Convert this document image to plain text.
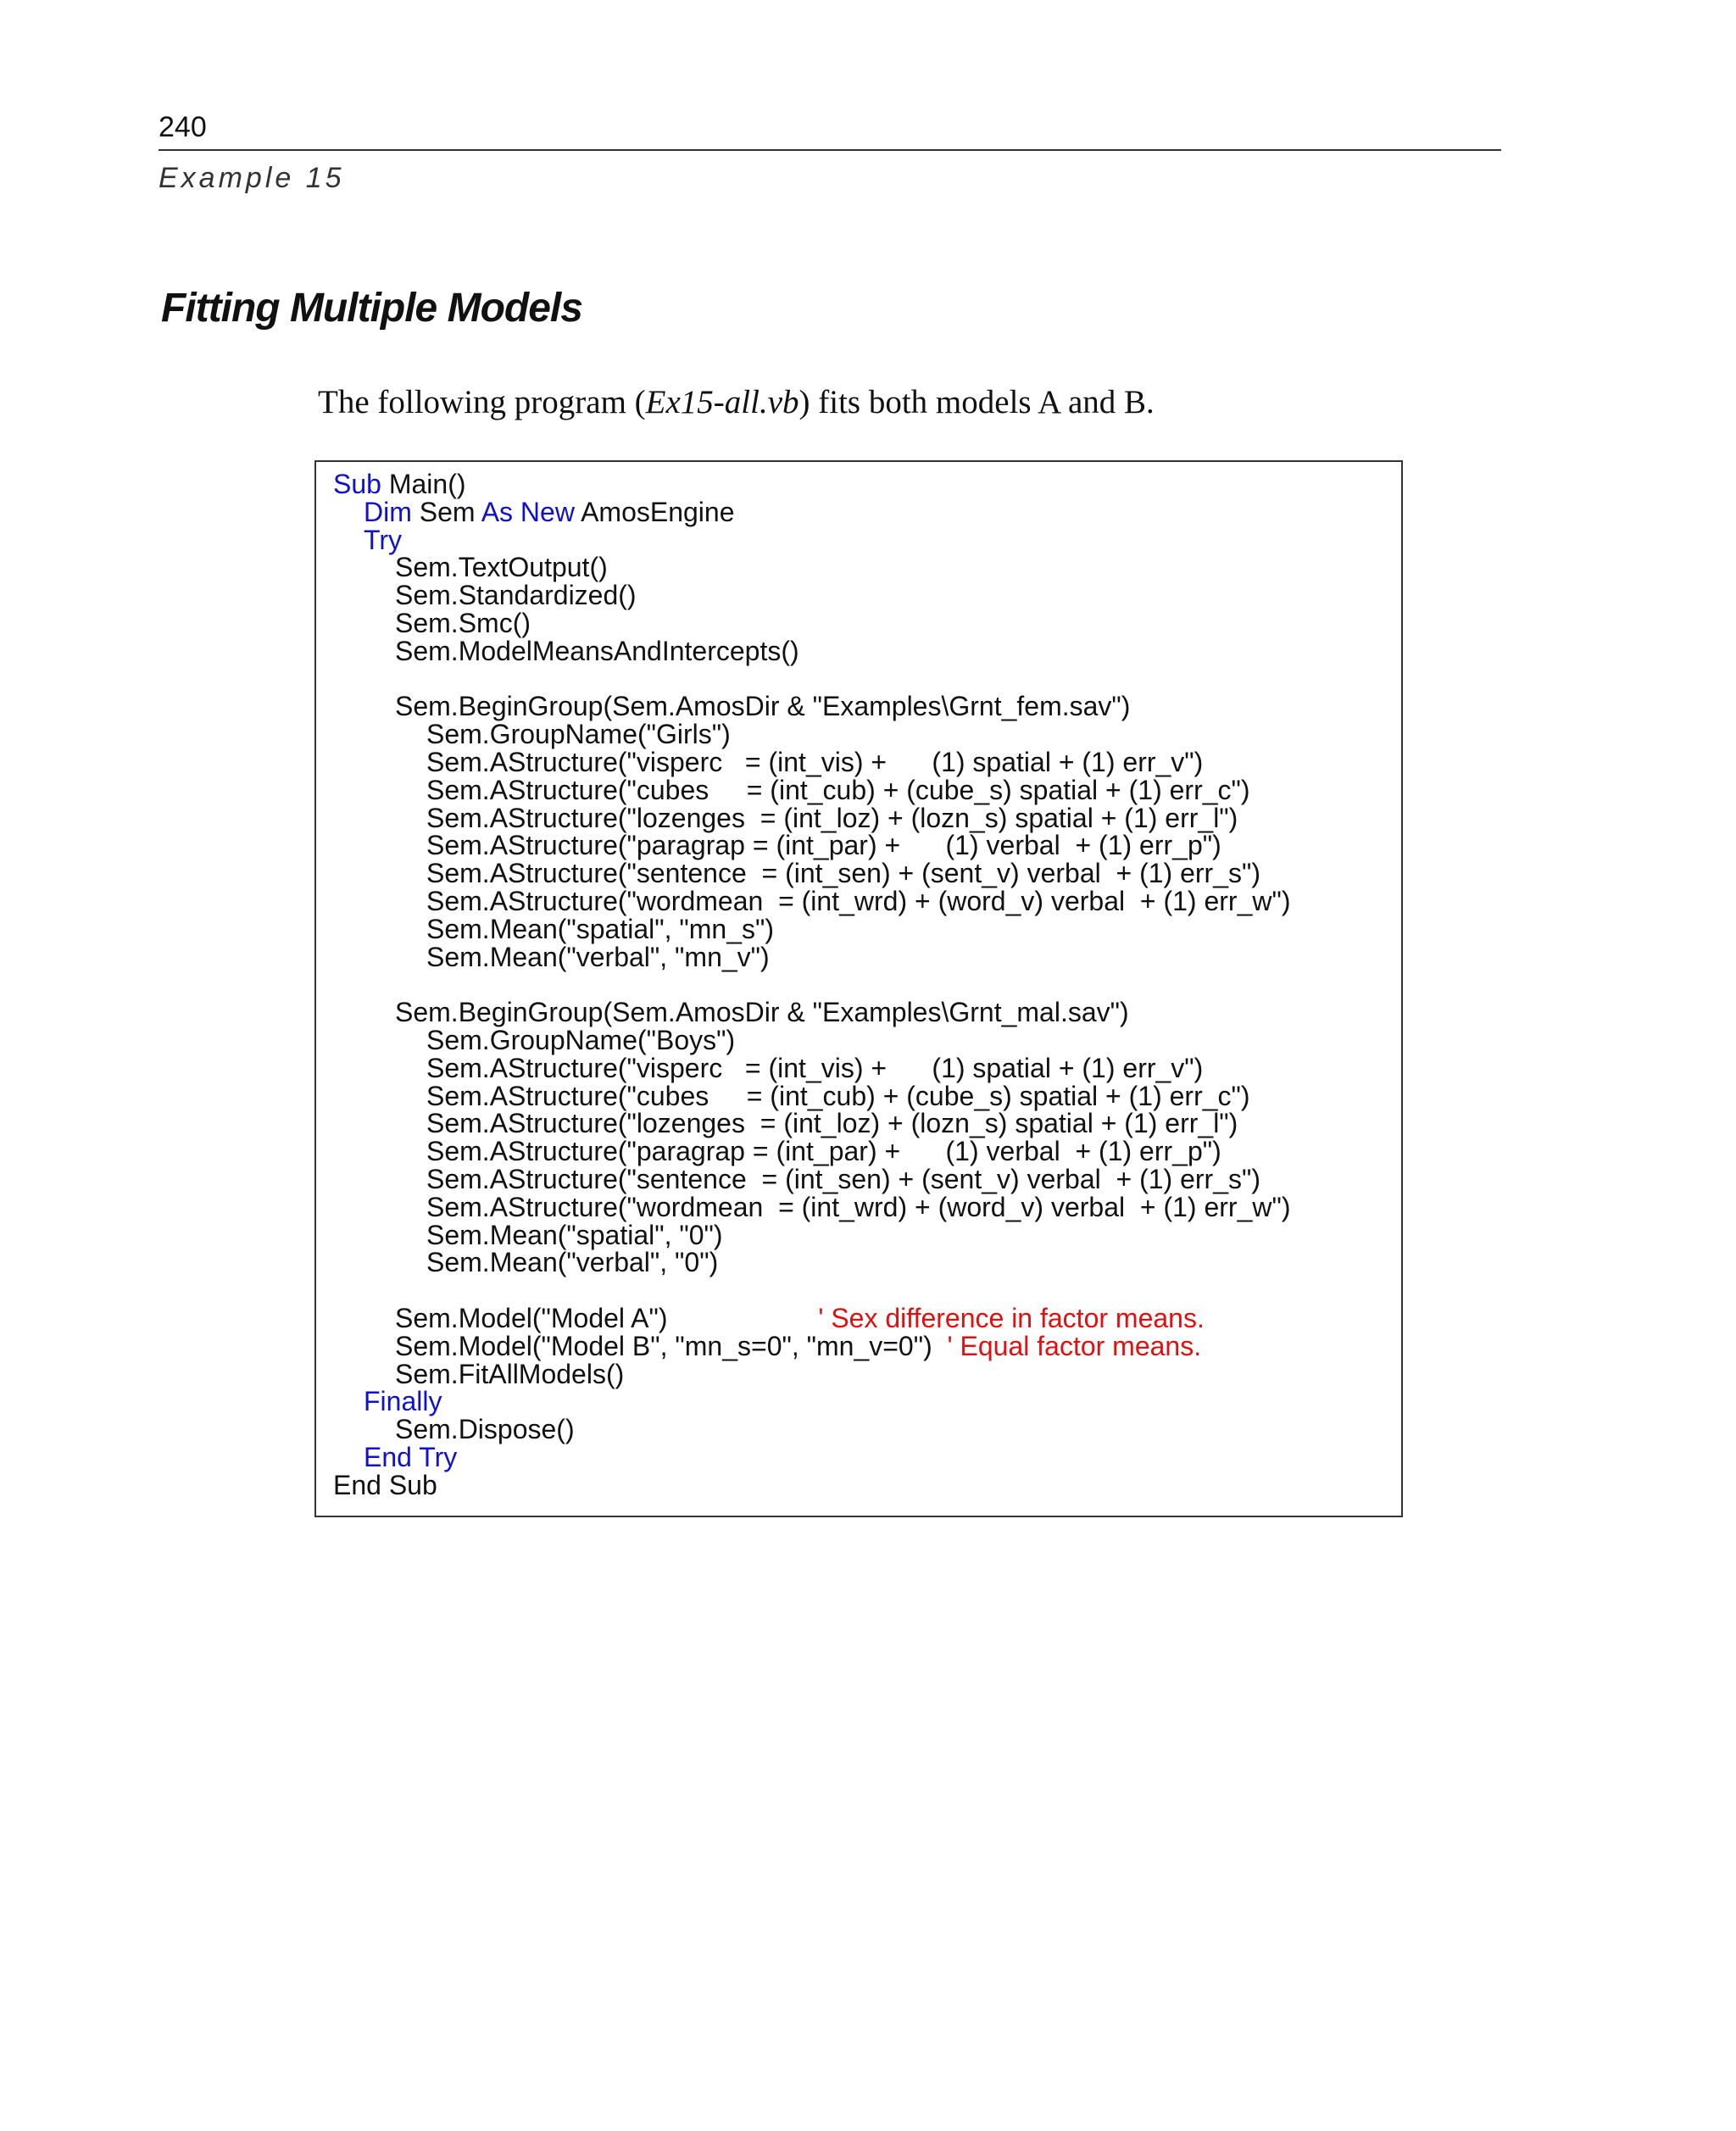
240
Example 15
Fitting Multiple Models
The following program (Ex15-all.vb) fits both models A and B.
Sub Main()
Dim Sem As New AmosEngine
Try
Sem.TextOutput()
Sem.Standardized()
Sem.Smc()
Sem.ModelMeansAndIntercepts()
Sem.BeginGroup(Sem.AmosDir & "Examples\Grnt_fem.sav")
Sem.GroupName("Girls")
Sem.AStructure("visperc   = (int_vis) +      (1) spatial + (1) err_v")
Sem.AStructure("cubes     = (int_cub) + (cube_s) spatial + (1) err_c")
Sem.AStructure("lozenges  = (int_loz) + (lozn_s) spatial + (1) err_l")
Sem.AStructure("paragrap = (int_par) +      (1) verbal  + (1) err_p")
Sem.AStructure("sentence  = (int_sen) + (sent_v) verbal  + (1) err_s")
Sem.AStructure("wordmean  = (int_wrd) + (word_v) verbal  + (1) err_w")
Sem.Mean("spatial", "mn_s")
Sem.Mean("verbal", "mn_v")
Sem.BeginGroup(Sem.AmosDir & "Examples\Grnt_mal.sav")
Sem.GroupName("Boys")
Sem.AStructure("visperc   = (int_vis) +      (1) spatial + (1) err_v")
Sem.AStructure("cubes     = (int_cub) + (cube_s) spatial + (1) err_c")
Sem.AStructure("lozenges  = (int_loz) + (lozn_s) spatial + (1) err_l")
Sem.AStructure("paragrap = (int_par) +      (1) verbal  + (1) err_p")
Sem.AStructure("sentence  = (int_sen) + (sent_v) verbal  + (1) err_s")
Sem.AStructure("wordmean  = (int_wrd) + (word_v) verbal  + (1) err_w")
Sem.Mean("spatial", "0")
Sem.Mean("verbal", "0")
Sem.Model("Model A")                    ' Sex difference in factor means.
Sem.Model("Model B", "mn_s=0", "mn_v=0")  ' Equal factor means.
Sem.FitAllModels()
Finally
Sem.Dispose()
End Try
End Sub
